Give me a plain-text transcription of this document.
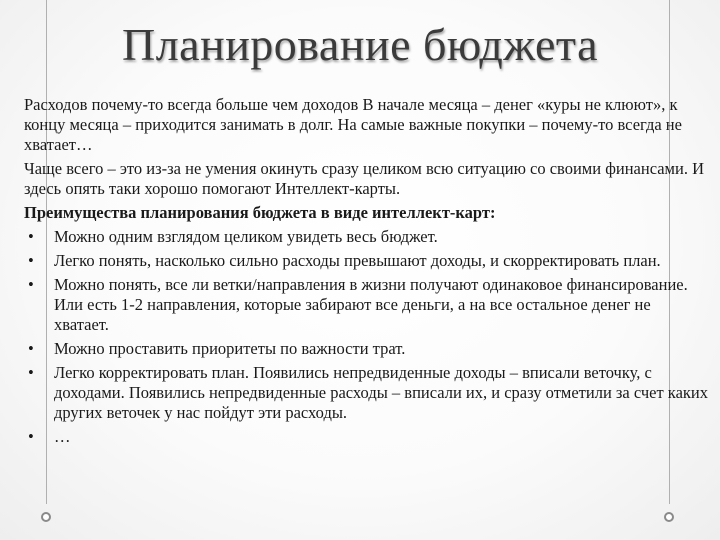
Планирование бюджета

Расходов почему-то всегда больше чем доходов В начале месяца – денег «куры не клюют», к концу месяца – приходится занимать в долг. На самые важные покупки – почему-то всегда не хватает…

Чаще всего – это из-за не умения окинуть сразу целиком всю ситуацию со своими финансами. И здесь опять таки хорошо помогают Интеллект-карты.

Преимущества планирования бюджета в виде интеллект-карт:

• Можно одним взглядом целиком увидеть весь бюджет.
• Легко понять, насколько сильно расходы превышают доходы, и скорректировать план.
• Можно понять, все ли ветки/направления в жизни получают одинаковое финансирование. Или есть 1-2 направления, которые забирают все деньги, а на все остальное денег не хватает.
• Можно проставить приоритеты по важности трат.
• Легко корректировать план. Появились непредвиденные доходы – вписали веточку, с доходами. Появились непредвиденные расходы – вписали их, и сразу отметили за счет каких других веточек у нас пойдут эти расходы.
• …
